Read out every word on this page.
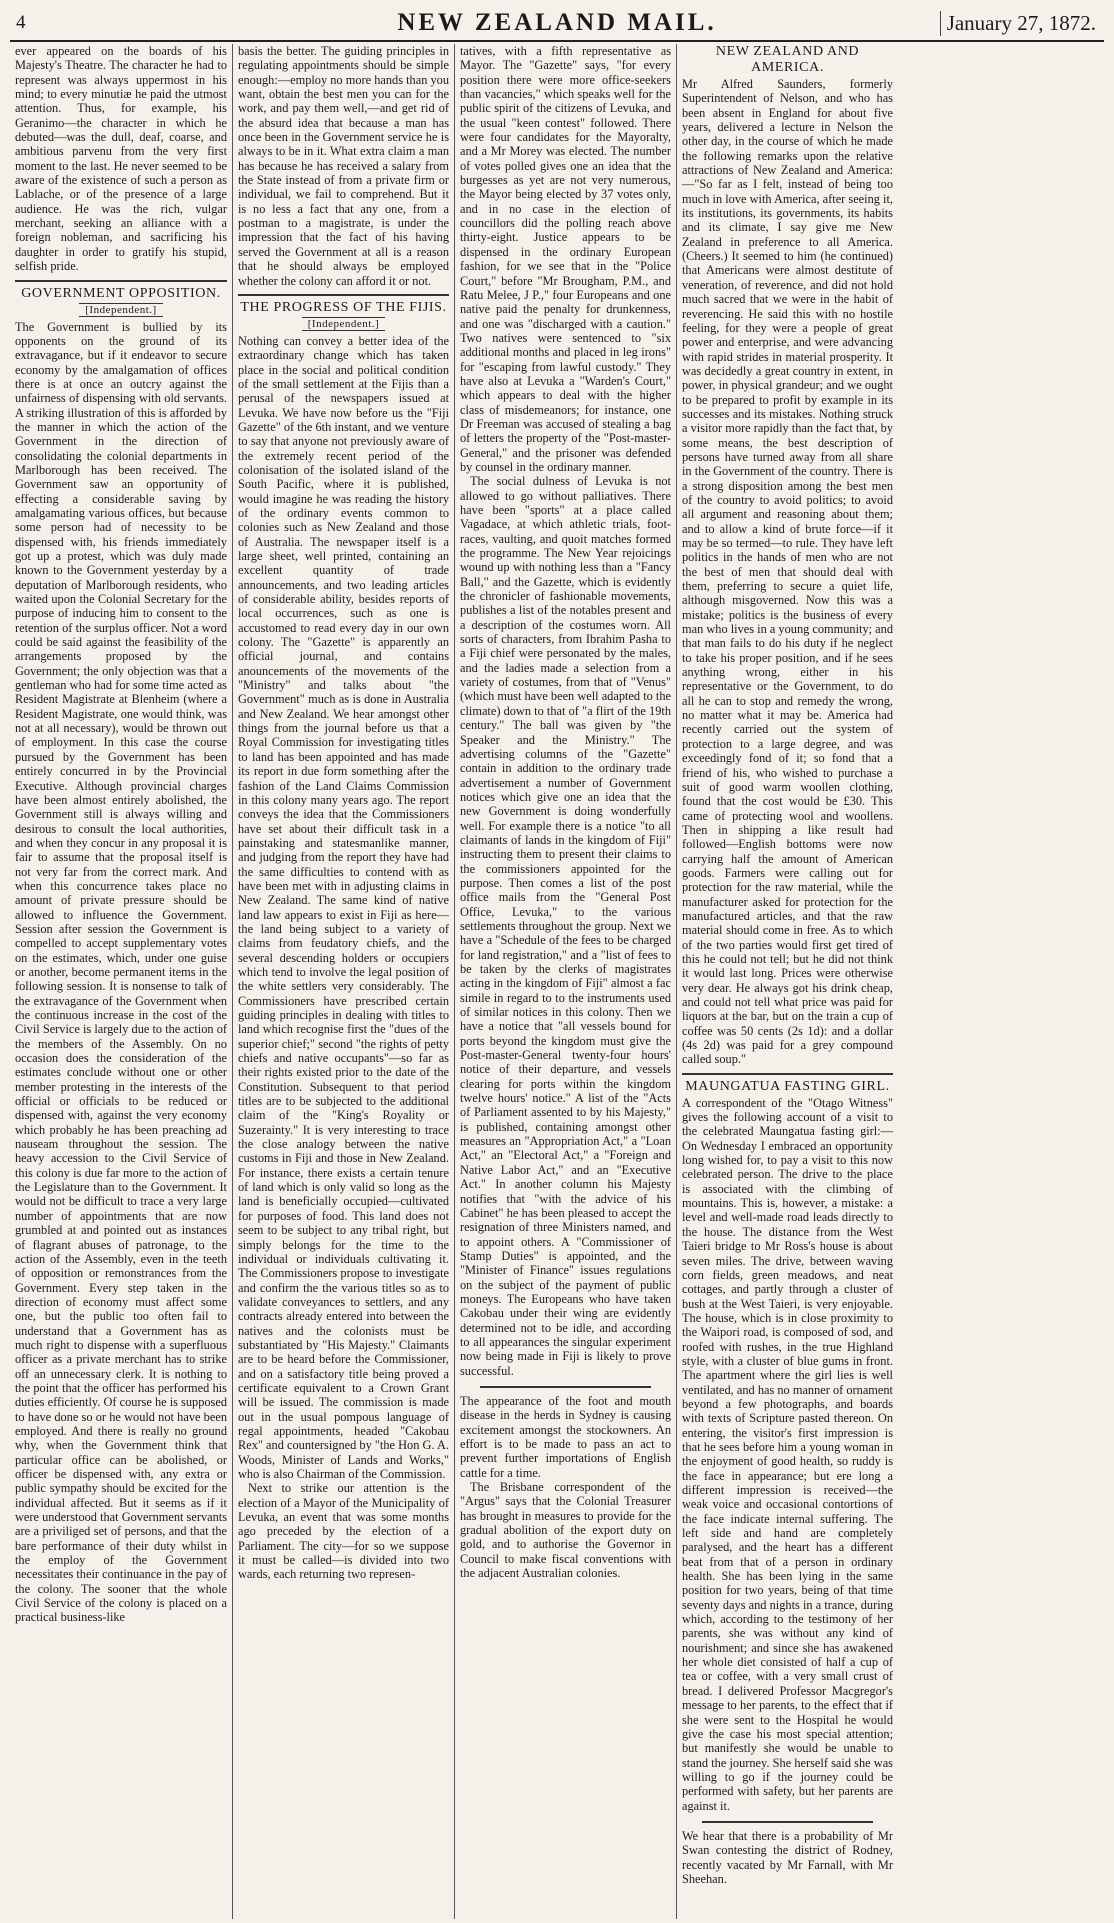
4	NEW ZEALAND MAIL.	January 27, 1872.

ever appeared on the boards of his Majesty's Theatre. The character he had to represent was always uppermost in his mind; to every minutiæ he paid the utmost attention. Thus, for example, his Geranimo—the character in which he debuted—was the dull, deaf, coarse, and ambitious parvenu from the very first moment to the last. He never seemed to be aware of the existence of such a person as Lablache, or of the presence of a large audience. He was the rich, vulgar merchant, seeking an alliance with a foreign nobleman, and sacrificing his daughter in order to gratify his stupid, selfish pride.

GOVERNMENT OPPOSITION.
[Independent.]

The Government is bullied by its opponents on the ground of its extravagance, but if it endeavor to secure economy by the amalgamation of offices there is at once an outcry against the unfairness of dispensing with old servants. A striking illustration of this is afforded by the manner in which the action of the Government in the direction of consolidating the colonial departments in Marlborough has been received. The Government saw an opportunity of effecting a considerable saving by amalgamating various offices, but because some person had of necessity to be dispensed with, his friends immediately got up a protest, which was duly made known to the Government yesterday by a deputation of Marlborough residents, who waited upon the Colonial Secretary for the purpose of inducing him to consent to the retention of the surplus officer. Not a word could be said against the feasibility of the arrangements proposed by the Government; the only objection was that a gentleman who had for some time acted as Resident Magistrate at Blenheim (where a Resident Magistrate, one would think, was not at all necessary), would be thrown out of employment. In this case the course pursued by the Government has been entirely concurred in by the Provincial Executive. Although provincial charges have been almost entirely abolished, the Government still is always willing and desirous to consult the local authorities, and when they concur in any proposal it is fair to assume that the proposal itself is not very far from the correct mark. And when this concurrence takes place no amount of private pressure should be allowed to influence the Government. Session after session the Government is compelled to accept supplementary votes on the estimates, which, under one guise or another, become permanent items in the following session. It is nonsense to talk of the extravagance of the Government when the continuous increase in the cost of the Civil Service is largely due to the action of the members of the Assembly. On no occasion does the consideration of the estimates conclude without one or other member protesting in the interests of the official or officials to be reduced or dispensed with, against the very economy which probably he has been preaching ad nauseam throughout the session. The heavy accession to the Civil Service of this colony is due far more to the action of the Legislature than to the Government. It would not be difficult to trace a very large number of appointments that are now grumbled at and pointed out as instances of flagrant abuses of patronage, to the action of the Assembly, even in the teeth of opposition or remonstrances from the Government. Every step taken in the direction of economy must affect some one, but the public too often fail to understand that a Government has as much right to dispense with a superfluous officer as a private merchant has to strike off an unnecessary clerk. It is nothing to the point that the officer has performed his duties efficiently. Of course he is supposed to have done so or he would not have been employed. And there is really no ground why, when the Government think that particular office can be abolished, or officer be dispensed with, any extra or public sympathy should be excited for the individual affected. But it seems as if it were understood that Government servants are a priviliged set of persons, and that the bare performance of their duty whilst in the employ of the Government necessitates their continuance in the pay of the colony. The sooner that the whole Civil Service of the colony is placed on a practical business-like

basis the better. The guiding principles in regulating appointments should be simple enough:—employ no more hands than you want, obtain the best men you can for the work, and pay them well,—and get rid of the absurd idea that because a man has once been in the Government service he is always to be in it. What extra claim a man has because he has received a salary from the State instead of from a private firm or individual, we fail to comprehend. But it is no less a fact that any one, from a postman to a magistrate, is under the impression that the fact of his having served the Government at all is a reason that he should always be employed whether the colony can afford it or not.

THE PROGRESS OF THE FIJIS.
[Independent.]

Nothing can convey a better idea of the extraordinary change which has taken place in the social and political condition of the small settlement at the Fijis than a perusal of the newspapers issued at Levuka. We have now before us the "Fiji Gazette" of the 6th instant, and we venture to say that anyone not previously aware of the extremely recent period of the colonisation of the isolated island of the South Pacific, where it is published, would imagine he was reading the history of the ordinary events common to colonies such as New Zealand and those of Australia. The newspaper itself is a large sheet, well printed, containing an excellent quantity of trade announcements, and two leading articles of considerable ability, besides reports of local occurrences, such as one is accustomed to read every day in our own colony. The "Gazette" is apparently an official journal, and contains anouncements of the movements of the "Ministry" and talks about "the Government" much as is done in Australia and New Zealand. We hear amongst other things from the journal before us that a Royal Commission for investigating titles to land has been appointed and has made its report in due form something after the fashion of the Land Claims Commission in this colony many years ago. The report conveys the idea that the Commissioners have set about their difficult task in a painstaking and statesmanlike manner, and judging from the report they have had the same difficulties to contend with as have been met with in adjusting claims in New Zealand. The same kind of native land law appears to exist in Fiji as here—the land being subject to a variety of claims from feudatory chiefs, and the several descending holders or occupiers which tend to involve the legal position of the white settlers very considerably. The Commissioners have prescribed certain guiding principles in dealing with titles to land which recognise first the "dues of the superior chief;" second "the rights of petty chiefs and native occupants"—so far as their rights existed prior to the date of the Constitution. Subsequent to that period titles are to be subjected to the additional claim of the "King's Royality or Suzerainty." It is very interesting to trace the close analogy between the native customs in Fiji and those in New Zealand. For instance, there exists a certain tenure of land which is only valid so long as the land is beneficially occupied—cultivated for purposes of food. This land does not seem to be subject to any tribal right, but simply belongs for the time to the individual or individuals cultivating it. The Commissioners propose to investigate and confirm the the various titles so as to validate conveyances to settlers, and any contracts already entered into between the natives and the colonists must be substantiated by "His Majesty." Claimants are to be heard before the Commissioner, and on a satisfactory title being proved a certificate equivalent to a Crown Grant will be issued. The commission is made out in the usual pompous language of regal appointments, headed "Cakobau Rex" and countersigned by "the Hon G. A. Woods, Minister of Lands and Works," who is also Chairman of the Commission.

Next to strike our attention is the election of a Mayor of the Municipality of Levuka, an event that was some months ago preceded by the election of a Parliament. The city—for so we suppose it must be called—is divided into two wards, each returning two represen-

tatives, with a fifth representative as Mayor. The "Gazette" says, "for every position there were more office-seekers than vacancies," which speaks well for the public spirit of the citizens of Levuka, and the usual "keen contest" followed. There were four candidates for the Mayoralty, and a Mr Morey was elected. The number of votes polled gives one an idea that the burgesses as yet are not very numerous, the Mayor being elected by 37 votes only, and in no case in the election of councillors did the polling reach above thirty-eight. Justice appears to be dispensed in the ordinary European fashion, for we see that in the "Police Court," before "Mr Brougham, P.M., and Ratu Melee, J P.," four Europeans and one native paid the penalty for drunkenness, and one was "discharged with a caution." Two natives were sentenced to "six additional months and placed in leg irons" for "escaping from lawful custody." They have also at Levuka a "Warden's Court," which appears to deal with the higher class of misdemeanors; for instance, one Dr Freeman was accused of stealing a bag of letters the property of the "Post-master-General," and the prisoner was defended by counsel in the ordinary manner.

The social dulness of Levuka is not allowed to go without palliatives. There have been "sports" at a place called Vagadace, at which athletic trials, foot-races, vaulting, and quoit matches formed the programme. The New Year rejoicings wound up with nothing less than a "Fancy Ball," and the Gazette, which is evidently the chronicler of fashionable movements, publishes a list of the notables present and a description of the costumes worn. All sorts of characters, from Ibrahim Pasha to a Fiji chief were personated by the males, and the ladies made a selection from a variety of costumes, from that of "Venus" (which must have been well adapted to the climate) down to that of "a flirt of the 19th century." The ball was given by "the Speaker and the Ministry." The advertising columns of the "Gazette" contain in addition to the ordinary trade advertisement a number of Government notices which give one an idea that the new Government is doing wonderfully well. For example there is a notice "to all claimants of lands in the kingdom of Fiji" instructing them to present their claims to the commissioners appointed for the purpose. Then comes a list of the post office mails from the "General Post Office, Levuka," to the various settlements throughout the group. Next we have a "Schedule of the fees to be charged for land registration," and a "list of fees to be taken by the clerks of magistrates acting in the kingdom of Fiji" almost a fac simile in regard to to the instruments used of similar notices in this colony. Then we have a notice that "all vessels bound for ports beyond the kingdom must give the Post-master-General twenty-four hours' notice of their departure, and vessels clearing for ports within the kingdom twelve hours' notice." A list of the "Acts of Parliament assented to by his Majesty," is published, containing amongst other measures an "Appropriation Act," a "Loan Act," an "Electoral Act," a "Foreign and Native Labor Act," and an "Executive Act." In another column his Majesty notifies that "with the advice of his Cabinet" he has been pleased to accept the resignation of three Ministers named, and to appoint others. A "Commissioner of Stamp Duties" is appointed, and the "Minister of Finance" issues regulations on the subject of the payment of public moneys. The Europeans who have taken Cakobau under their wing are evidently determined not to be idle, and according to all appearances the singular experiment now being made in Fiji is likely to prove successful.

The appearance of the foot and mouth disease in the herds in Sydney is causing excitement amongst the stockowners. An effort is to be made to pass an act to prevent further importations of English cattle for a time.

The Brisbane correspondent of the "Argus" says that the Colonial Treasurer has brought in measures to provide for the gradual abolition of the export duty on gold, and to authorise the Governor in Council to make fiscal conventions with the adjacent Australian colonies.

NEW ZEALAND AND AMERICA.

Mr Alfred Saunders, formerly Superintendent of Nelson, and who has been absent in England for about five years, delivered a lecture in Nelson the other day, in the course of which he made the following remarks upon the relative attractions of New Zealand and America:—"So far as I felt, instead of being too much in love with America, after seeing it, its institutions, its governments, its habits and its climate, I say give me New Zealand in preference to all America. (Cheers.) It seemed to him (he continued) that Americans were almost destitute of veneration, of reverence, and did not hold much sacred that we were in the habit of reverencing. He said this with no hostile feeling, for they were a people of great power and enterprise, and were advancing with rapid strides in material prosperity. It was decidedly a great country in extent, in power, in physical grandeur; and we ought to be prepared to profit by example in its successes and its mistakes. Nothing struck a visitor more rapidly than the fact that, by some means, the best description of persons have turned away from all share in the Government of the country. There is a strong disposition among the best men of the country to avoid politics; to avoid all argument and reasoning about them; and to allow a kind of brute force—if it may be so termed—to rule. They have left politics in the hands of men who are not the best of men that should deal with them, preferring to secure a quiet life, although misgoverned. Now this was a mistake; politics is the business of every man who lives in a young community; and that man fails to do his duty if he neglect to take his proper position, and if he sees anything wrong, either in his representative or the Government, to do all he can to stop and remedy the wrong, no matter what it may be. America had recently carried out the system of protection to a large degree, and was exceedingly fond of it; so fond that a friend of his, who wished to purchase a suit of good warm woollen clothing, found that the cost would be £30. This came of protecting wool and woollens. Then in shipping a like result had followed—English bottoms were now carrying half the amount of American goods. Farmers were calling out for protection for the raw material, while the manufacturer asked for protection for the manufactured articles, and that the raw material should come in free. As to which of the two parties would first get tired of this he could not tell; but he did not think it would last long. Prices were otherwise very dear. He always got his drink cheap, and could not tell what price was paid for liquors at the bar, but on the train a cup of coffee was 50 cents (2s 1d): and a dollar (4s 2d) was paid for a grey compound called soup."

MAUNGATUA FASTING GIRL.

A correspondent of the "Otago Witness" gives the following account of a visit to the celebrated Maungatua fasting girl:—On Wednesday I embraced an opportunity long wished for, to pay a visit to this now celebrated person. The drive to the place is associated with the climbing of mountains. This is, however, a mistake: a level and well-made road leads directly to the house. The distance from the West Taieri bridge to Mr Ross's house is about seven miles. The drive, between waving corn fields, green meadows, and neat cottages, and partly through a cluster of bush at the West Taieri, is very enjoyable. The house, which is in close proximity to the Waipori road, is composed of sod, and roofed with rushes, in the true Highland style, with a cluster of blue gums in front. The apartment where the girl lies is well ventilated, and has no manner of ornament beyond a few photographs, and boards with texts of Scripture pasted thereon. On entering, the visitor's first impression is that he sees before him a young woman in the enjoyment of good health, so ruddy is the face in appearance; but ere long a different impression is received—the weak voice and occasional contortions of the face indicate internal suffering. The left side and hand are completely paralysed, and the heart has a different beat from that of a person in ordinary health. She has been lying in the same position for two years, being of that time seventy days and nights in a trance, during which, according to the testimony of her parents, she was without any kind of nourishment; and since she has awakened her whole diet consisted of half a cup of tea or coffee, with a very small crust of bread. I delivered Professor Macgregor's message to her parents, to the effect that if she were sent to the Hospital he would give the case his most special attention; but manifestly she would be unable to stand the journey. She herself said she was willing to go if the journey could be performed with safety, but her parents are against it.

We hear that there is a probability of Mr Swan contesting the district of Rodney, recently vacated by Mr Farnall, with Mr Sheehan.
